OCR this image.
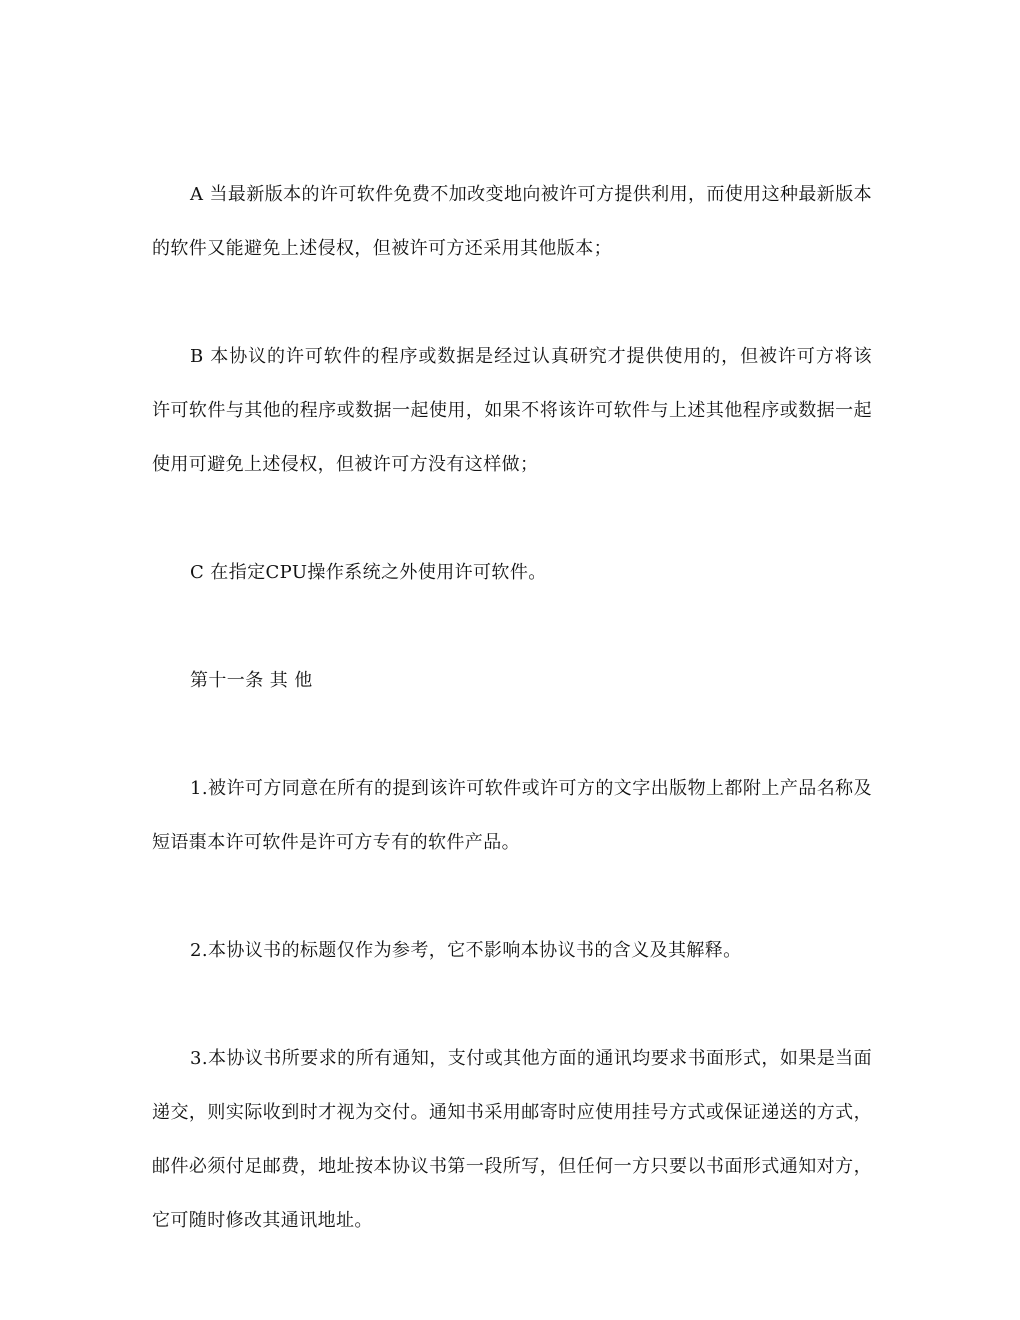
A 当最新版本的许可软件免费不加改变地向被许可方提供利用，而使用这种最新版本的软件又能避免上述侵权，但被许可方还采用其他版本；

B 本协议的许可软件的程序或数据是经过认真研究才提供使用的，但被许可方将该许可软件与其他的程序或数据一起使用，如果不将该许可软件与上述其他程序或数据一起使用可避免上述侵权，但被许可方没有这样做；

C 在指定CPU操作系统之外使用许可软件。

第十一条 其 他

1.被许可方同意在所有的提到该许可软件或许可方的文字出版物上都附上产品名称及短语棗本许可软件是许可方专有的软件产品。

2.本协议书的标题仅作为参考，它不影响本协议书的含义及其解释。

3.本协议书所要求的所有通知，支付或其他方面的通讯均要求书面形式，如果是当面递交，则实际收到时才视为交付。通知书采用邮寄时应使用挂号方式或保证递送的方式，邮件必须付足邮费，地址按本协议书第一段所写，但任何一方只要以书面形式通知对方，它可随时修改其通讯地址。
